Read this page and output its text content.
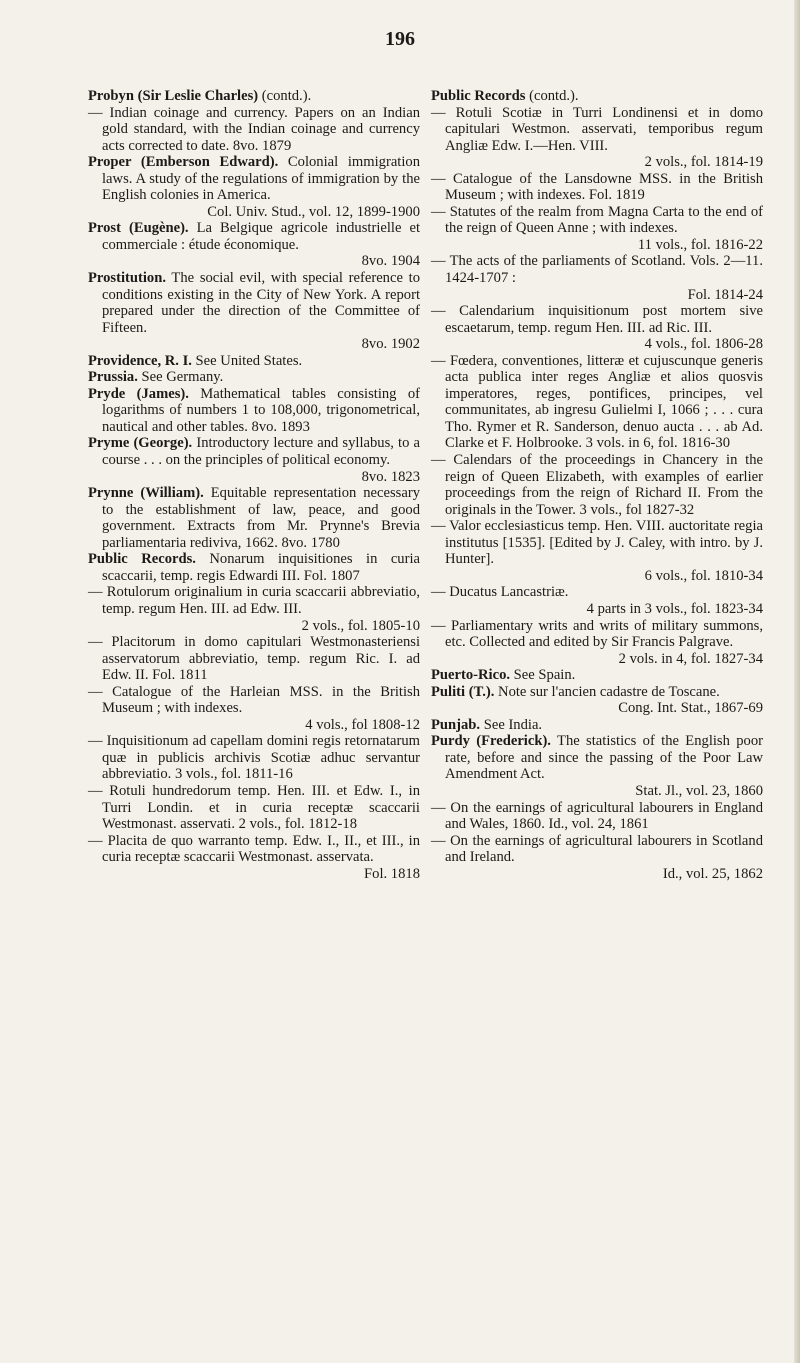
196

Probyn (Sir Leslie Charles) (contd.).

— Indian coinage and currency. Papers on an Indian gold standard, with the Indian coinage and currency acts corrected to date. 8vo. 1879

Proper (Emberson Edward). Colonial immigration laws. A study of the regulations of immigration by the English colonies in America.
Col. Univ. Stud., vol. 12, 1899-1900

Prost (Eugène). La Belgique agricole industrielle et commerciale : étude économique.
8vo. 1904

Prostitution. The social evil, with special reference to conditions existing in the City of New York. A report prepared under the direction of the Committee of Fifteen.
8vo. 1902

Providence, R. I. See United States.

Prussia. See Germany.

Pryde (James). Mathematical tables consisting of logarithms of numbers 1 to 108,000, trigonometrical, nautical and other tables. 8vo. 1893

Pryme (George). Introductory lecture and syllabus, to a course . . . on the principles of political economy.
8vo. 1823

Prynne (William). Equitable representation necessary to the establishment of law, peace, and good government. Extracts from Mr. Prynne's Brevia parliamentaria rediviva, 1662. 8vo. 1780

Public Records. Nonarum inquisitiones in curia scaccarii, temp. regis Edwardi III. Fol. 1807

— Rotulorum originalium in curia scaccarii abbreviatio, temp. regum Hen. III. ad Edw. III.
2 vols., fol. 1805-10

— Placitorum in domo capitulari Westmonasteriensi asservatorum abbreviatio, temp. regum Ric. I. ad Edw. II. Fol. 1811

— Catalogue of the Harleian MSS. in the British Museum ; with indexes.
4 vols., fol 1808-12

— Inquisitionum ad capellam domini regis retornatarum quæ in publicis archivis Scotiæ adhuc servantur abbreviatio. 3 vols., fol. 1811-16

— Rotuli hundredorum temp. Hen. III. et Edw. I., in Turri Londin. et in curia receptæ scaccarii Westmonast. asservati. 2 vols., fol. 1812-18

— Placita de quo warranto temp. Edw. I., II., et III., in curia receptæ scaccarii Westmonast. asservata.
Fol. 1818

Public Records (contd.).

— Rotuli Scotiæ in Turri Londinensi et in domo capitulari Westmon. asservati, temporibus regum Angliæ Edw. I.—Hen. VIII.
2 vols., fol. 1814-19

— Catalogue of the Lansdowne MSS. in the British Museum ; with indexes. Fol. 1819

— Statutes of the realm from Magna Carta to the end of the reign of Queen Anne ; with indexes.
11 vols., fol. 1816-22

— The acts of the parliaments of Scotland. Vols. 2—11. 1424-1707 :
Fol. 1814-24

— Calendarium inquisitionum post mortem sive escaetarum, temp. regum Hen. III. ad Ric. III.
4 vols., fol. 1806-28

— Fœdera, conventiones, litteræ et cujuscunque generis acta publica inter reges Angliæ et alios quosvis imperatores, reges, pontifices, principes, vel communitates, ab ingresu Gulielmi I, 1066 ; . . . cura Tho. Rymer et R. Sanderson, denuo aucta . . . ab Ad. Clarke et F. Holbrooke. 3 vols. in 6, fol. 1816-30

— Calendars of the proceedings in Chancery in the reign of Queen Elizabeth, with examples of earlier proceedings from the reign of Richard II. From the originals in the Tower. 3 vols., fol 1827-32

— Valor ecclesiasticus temp. Hen. VIII. auctoritate regia institutus [1535]. [Edited by J. Caley, with intro. by J. Hunter].
6 vols., fol. 1810-34

— Ducatus Lancastriæ.
4 parts in 3 vols., fol. 1823-34

— Parliamentary writs and writs of military summons, etc. Collected and edited by Sir Francis Palgrave.
2 vols. in 4, fol. 1827-34

Puerto-Rico. See Spain.

Puliti (T.). Note sur l'ancien cadastre de Toscane.
Cong. Int. Stat., 1867-69

Punjab. See India.

Purdy (Frederick). The statistics of the English poor rate, before and since the passing of the Poor Law Amendment Act.
Stat. Jl., vol. 23, 1860

— On the earnings of agricultural labourers in England and Wales, 1860. Id., vol. 24, 1861

— On the earnings of agricultural labourers in Scotland and Ireland.
Id., vol. 25, 1862
